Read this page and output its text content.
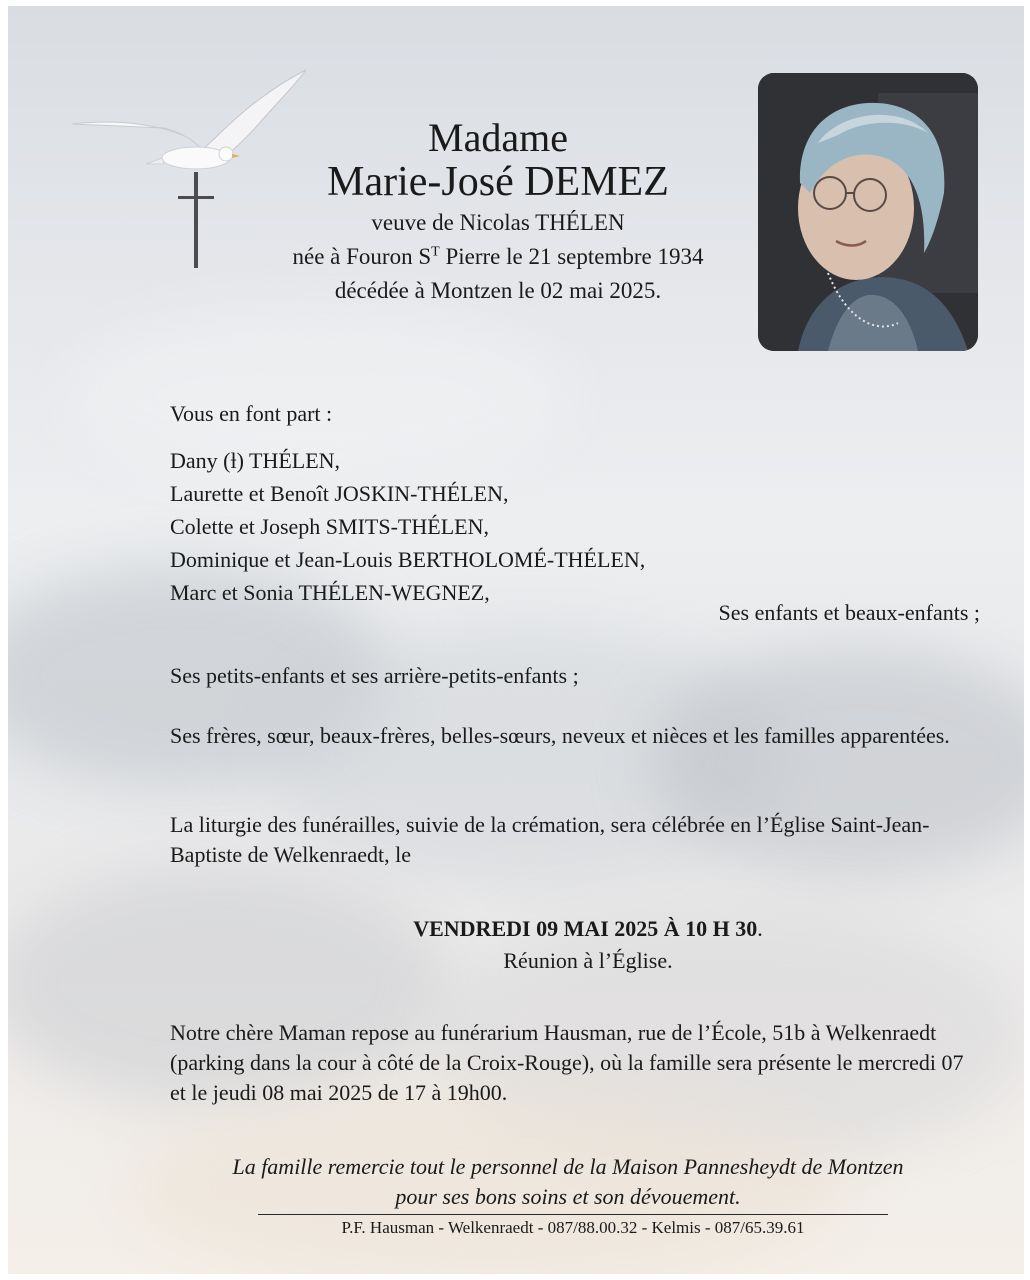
Madame

Marie-José DEMEZ

veuve de Nicolas THÉLEN

née à Fouron $S^T$ Pierre le 21 septembre 1934

décédée à Montzen le 02 mai 2025.

Vous en font part :

Dany (ƚ) THÉLEN,
Laurette et Benoît JOSKIN-THÉLEN,
Colette et Joseph SMITS-THÉLEN,
Dominique et Jean-Louis BERTHOLOMÉ-THÉLEN,
Marc et Sonia THÉLEN-WEGNEZ,

Ses enfants et beaux-enfants ;

Ses petits-enfants et ses arrière-petits-enfants ;

Ses frères, sœur, beaux-frères, belles-sœurs, neveux et nièces et les familles apparentées.

La liturgie des funérailles, suivie de la crémation, sera célébrée en l’Église Saint-Jean-Baptiste de Welkenraedt, le

VENDREDI 09 MAI 2025 À 10 H 30.

Réunion à l’Église.

Notre chère Maman repose au funérarium Hausman, rue de l’École, 51b à Welkenraedt (parking dans la cour à côté de la Croix-Rouge), où la famille sera présente le mercredi 07 et le jeudi 08 mai 2025 de 17 à 19h00.

La famille remercie tout le personnel de la Maison Pannesheydt de Montzen

pour ses bons soins et son dévouement.

P.F. Hausman - Welkenraedt - 087/88.00.32 - Kelmis - 087/65.39.61
